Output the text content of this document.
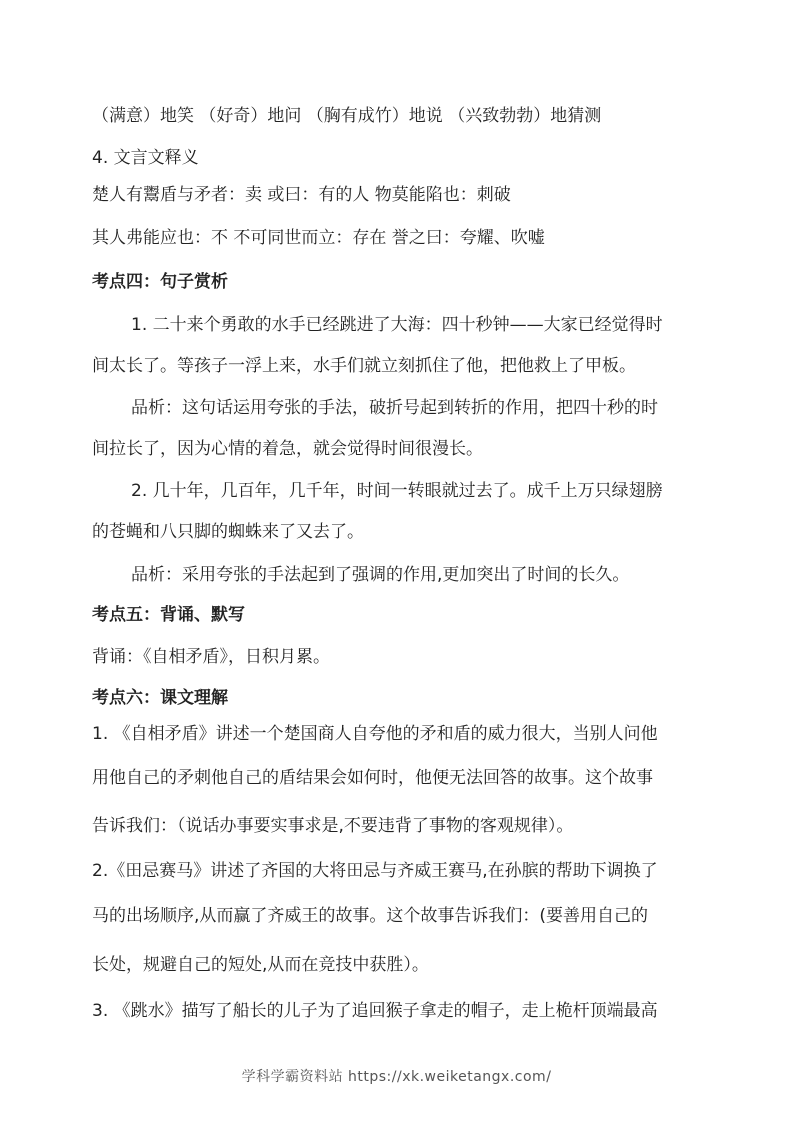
（满意）地笑 （好奇）地问 （胸有成竹）地说 （兴致勃勃）地猜测
4. 文言文释义
楚人有鬻盾与矛者：卖 或曰：有的人 物莫能陷也：刺破
其人弗能应也：不 不可同世而立：存在 誉之曰：夸耀、吹嘘
考点四：句子赏析
1. 二十来个勇敢的水手已经跳进了大海：四十秒钟——大家已经觉得时
间太长了。等孩子一浮上来，水手们就立刻抓住了他，把他救上了甲板。
品析：这句话运用夸张的手法，破折号起到转折的作用，把四十秒的时
间拉长了，因为心情的着急，就会觉得时间很漫长。
2. 几十年，几百年，几千年，时间一转眼就过去了。成千上万只绿翅膀
的苍蝇和八只脚的蜘蛛来了又去了。
品析：采用夸张的手法起到了强调的作用,更加突出了时间的长久。
考点五：背诵、默写
背诵：《自相矛盾》，日积月累。
考点六：课文理解
1. 《自相矛盾》讲述一个楚国商人自夸他的矛和盾的威力很大，当别人问他
用他自己的矛刺他自己的盾结果会如何时，他便无法回答的故事。这个故事
告诉我们：（说话办事要实事求是,不要违背了事物的客观规律）。
2.《田忌赛马》讲述了齐国的大将田忌与齐威王赛马,在孙膑的帮助下调换了
马的出场顺序,从而赢了齐威王的故事。这个故事告诉我们：(要善用自己的
长处，规避自己的短处,从而在竞技中获胜）。
3. 《跳水》描写了船长的儿子为了追回猴子拿走的帽子，走上桅杆顶端最高
学科学霸资料站 https://xk.weiketangx.com/
